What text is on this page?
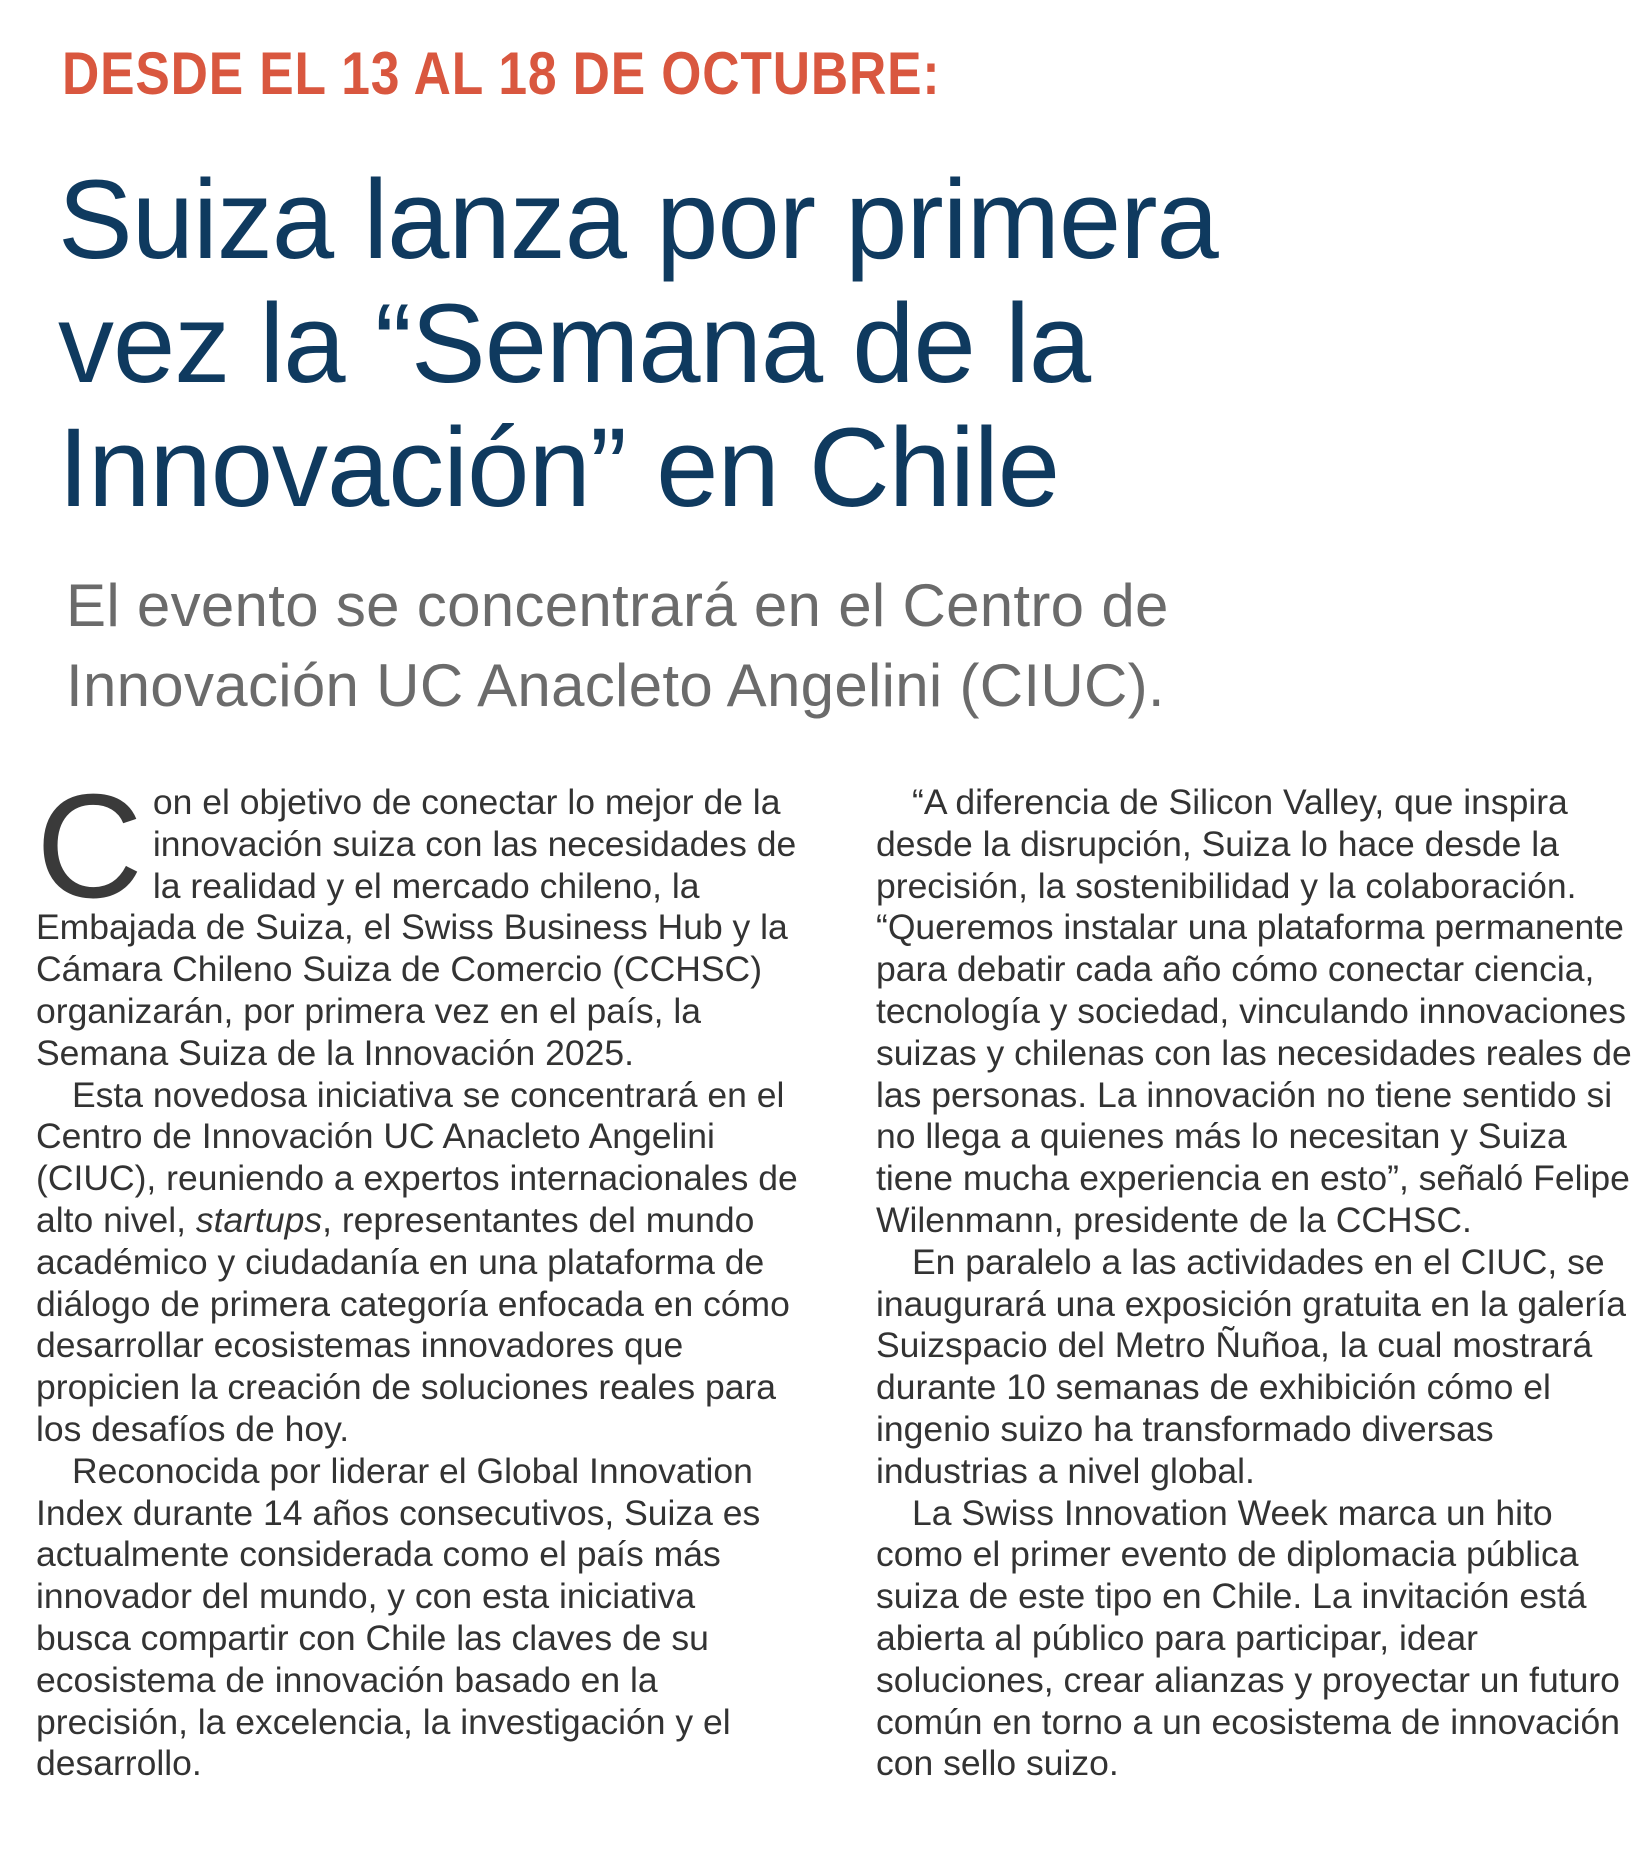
DESDE EL 13 AL 18 DE OCTUBRE:
Suiza lanza por primera vez la “Semana de la Innovación” en Chile

El evento se concentrará en el Centro de Innovación UC Anacleto Angelini (CIUC).

Con el objetivo de conectar lo mejor de la innovación suiza con las necesidades de la realidad y el mercado chileno, la Embajada de Suiza, el Swiss Business Hub y la Cámara Chileno Suiza de Comercio (CCHSC) organizarán, por primera vez en el país, la Semana Suiza de la Innovación 2025.

Esta novedosa iniciativa se concentrará en el Centro de Innovación UC Anacleto Angelini (CIUC), reuniendo a expertos internacionales de alto nivel, startups, representantes del mundo académico y ciudadanía en una plataforma de diálogo de primera categoría enfocada en cómo desarrollar ecosistemas innovadores que propicien la creación de soluciones reales para los desafíos de hoy.

Reconocida por liderar el Global Innovation Index durante 14 años consecutivos, Suiza es actualmente considerada como el país más innovador del mundo, y con esta iniciativa busca compartir con Chile las claves de su ecosistema de innovación basado en la precisión, la excelencia, la investigación y el desarrollo.

“A diferencia de Silicon Valley, que inspira desde la disrupción, Suiza lo hace desde la precisión, la sostenibilidad y la colaboración. “Queremos instalar una plataforma permanente para debatir cada año cómo conectar ciencia, tecnología y sociedad, vinculando innovaciones suizas y chilenas con las necesidades reales de las personas. La innovación no tiene sentido si no llega a quienes más lo necesitan y Suiza tiene mucha experiencia en esto”, señaló Felipe Wilenmann, presidente de la CCHSC.

En paralelo a las actividades en el CIUC, se inaugurará una exposición gratuita en la galería Suizspacio del Metro Ñuñoa, la cual mostrará durante 10 semanas de exhibición cómo el ingenio suizo ha transformado diversas industrias a nivel global.

La Swiss Innovation Week marca un hito como el primer evento de diplomacia pública suiza de este tipo en Chile. La invitación está abierta al público para participar, idear soluciones, crear alianzas y proyectar un futuro común en torno a un ecosistema de innovación con sello suizo.
